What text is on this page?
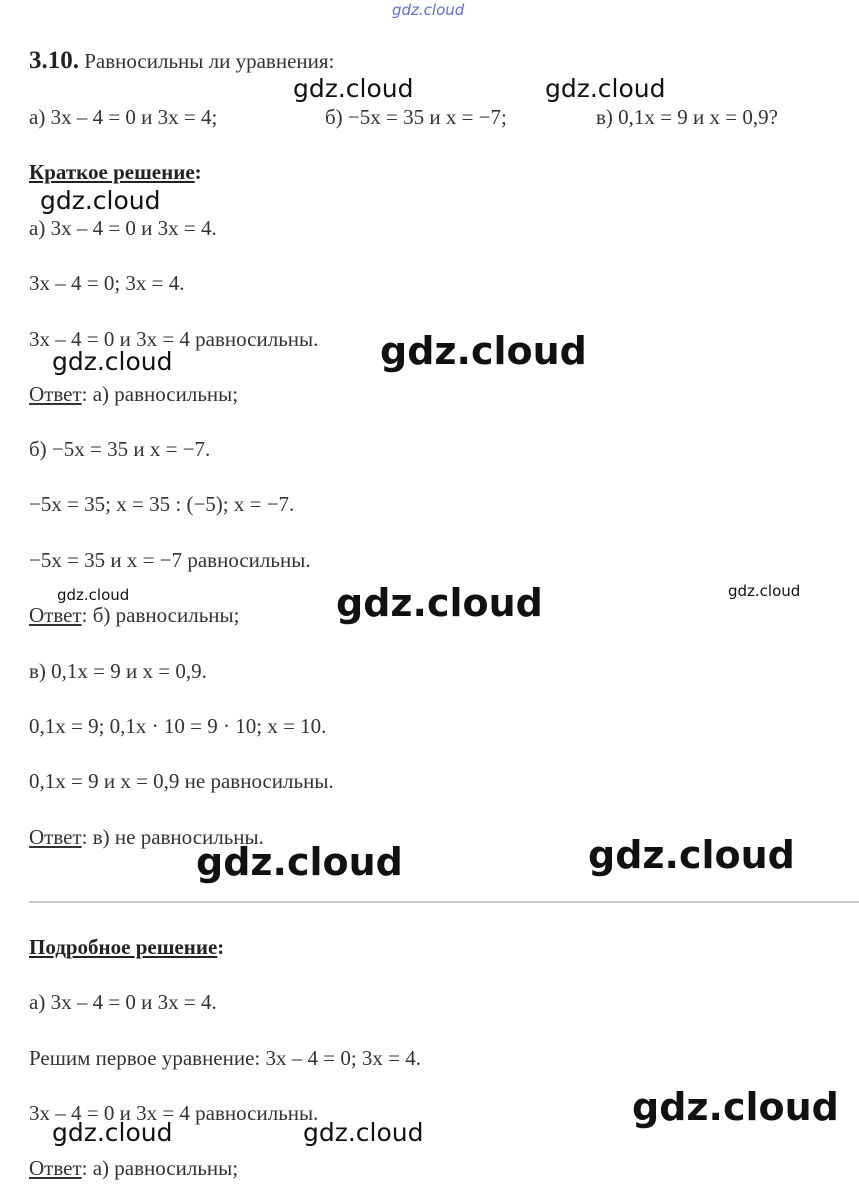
gdz.cloud
gdz.cloud	gdz.cloud
gdz.cloud
gdz.cloud
gdz.cloud
gdz.cloud	gdz.cloud	gdz.cloud
gdz.cloud	gdz.cloud
gdz.cloud
gdz.cloud	gdz.cloud
3.10. Равносильны ли уравнения:
а) 3х – 4 = 0 и 3х = 4;	б) −5х = 35 и х = −7;	в) 0,1х = 9 и х = 0,9?
Краткое решение:
а) 3х – 4 = 0 и 3х = 4.
3х – 4 = 0; 3х = 4.
3х – 4 = 0 и 3х = 4 равносильны.
Ответ: а) равносильны;
б) −5х = 35 и х = −7.
−5х = 35; х = 35 : (−5); х = −7.
−5х = 35 и х = −7 равносильны.
Ответ: б) равносильны;
в) 0,1х = 9 и х = 0,9.
0,1х = 9; 0,1х · 10 = 9 · 10; х = 10.
0,1х = 9 и х = 0,9 не равносильны.
Ответ: в) не равносильны.
Подробное решение:
а) 3х – 4 = 0 и 3х = 4.
Решим первое уравнение: 3х – 4 = 0; 3х = 4.
3х – 4 = 0 и 3х = 4 равносильны.
Ответ: а) равносильны;
